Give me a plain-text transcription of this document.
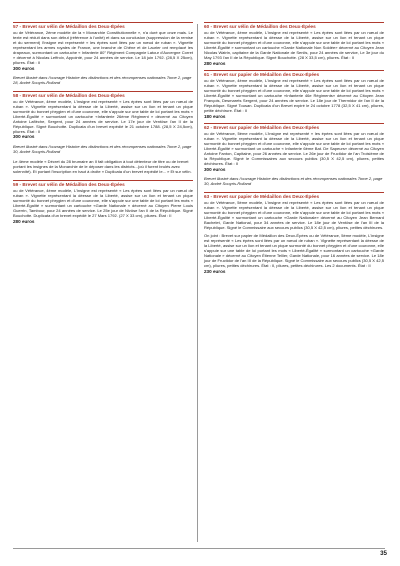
57 - Brevet sur vélin de Médaillon des Deux-Épées

ou de Vétérance, 2ème modèle de la « Monarchie Constitutionnelle », n'a duré que onze mais. Le texte est réduit dans son début (référence à l'unité) et dans sa conclusion (suppression de la remise et du serment) l'insigne est représenté « les épées sont liées par un nœud de ruban ». Vignette représentant les armes royales de France, une branche de Chêne et de Laurier ont remplacé les drapeaux, surmontant un cartouche « Infanterie 80° Régiment Compagnie Latour d'Auvergne Corret » décerné à Nicolas Leffroix, Appointé, pour 24 années de service. Le 18 juin 1792. (28,5 X 25cm), pliures. État : II

300 euros

Brevet illustré dans l'ouvrage Histoire des distinctions et des récompenses nationales Tome 2, page 28, André Souyris-Rolland

58 - Brevet sur vélin de Médaillon des Deux-Épées

ou de Vétérance, 4ème modèle, L'insigne est représenté « Les épées sont liées par un nœud de ruban ». Vignette représentant la déesse de la Liberté, assise sur un lion et tenant un pique surmonté du bonnet phrygien et d'une couronne, elle s'appuie sur une table de loi portant les mots « Liberté-Égalité » surmontant un cartouche «Infanterie 26ème Régiment » décerné au Citoyen Antoine Laflèche, Sergent, pour 24 années de service. Le 17e jour de Ventôse l'an II de la République. Signé Bouchotte. Duplicata d'un brevet expédié le 21 octobre 1788. (28,5 X 24,5cm), pliures. État : II

300 euros

Brevet illustré dans l'ouvrage Histoire des distinctions et des récompenses nationales Tome 2, page 30, André Souyris-Rolland

Le 4ème modèle « Décret du 28 brumaire an II fait obligation à tout détenteur de titre ou de brevet portant les insignes de la Monarchie de le déposer dans les districts...(où il furent brulés avec solennité). Et portant l'inscription en haut à droite » Duplicata d'un brevet expédié le... » Et sur vélin.

59 - Brevet sur vélin de Médaillon des Deux-Épées

ou de Vétérance, 4ème modèle, L'insigne est représenté « Les épées sont liées par un nœud de ruban ». Vignette représentant la déesse de la Liberté, assise sur un lion et tenant un pique surmonté du bonnet phrygien et d'une couronne, elle s'appuie sur une table de loi portant les mots « Liberté-Égalité » surmontant un cartouche «Garde Nationale » décerné au Citoyen Pierre Louis Guerrin, Tambour, pour 24 années de service. Le 25e jour de Nivôse l'an II de la République. Signé Bouchotte. Duplicata d'un brevet expédié le 27 Mars 1792. (27 X 33 cm), pliures. État : II

280 euros
60 - Brevet sur vélin de Médaillon des Deux-Épées

ou de Vétérance, 4ème modèle, L'insigne est représenté « Les épées sont liées par un nœud de ruban ». Vignette représentant la déesse de la Liberté, assise sur un lion et tenant un pique surmonté du bonnet phrygien et d'une couronne, elle s'appuie sur une table de loi portant les mots « Liberté-Égalité » surmontant un cartouche «Garde Nationale Non Soldée» décerné au Citoyen Jean Nicolas Watrin, capitaine de la Garde Nationale de Senlis, pour 24 années de service, Le 3e jour du May 1793 l'an II de la République. Signé Bouchotte. (28 X 33,5 cm), pliures. État : II

280 euros
61 - Brevet sur papier de Médaillon des Deux-Épées

ou de Vétérance, 4ème modèle, L'insigne est représenté « Les épées sont liées par un nœud de ruban ». Vignette représentant la déesse de la Liberté, assise sur un lion et tenant un pique surmonté du bonnet phrygien et d'une couronne, elle s'appuie sur une table de loi portant les mots « Liberté-Égalité » surmontant un cartouche «Infanterie 46e Régiments» décerné au Citoyen Jean François, Desmarets Sergent, pour 24 années de service. Le 18e jour de Thermidor de l'an II de la République. Signé Tousan. Duplicata d'un Brevet expiré le 24 octobre 1778 (32,5 X 41 cm), pliures, petite déchirure. État : II

180 euros
62 - Brevet sur papier de Médaillon des Deux-Épées

ou de Vétérance, 5ème modèle, L'insigne est représenté « les épées sont liées par un nœud de ruban ». Vignette représentant la déesse de la Liberté, assise sur un lion et tenant un pique surmonté du bonnet phrygien et d'une couronne, elle s'appuie sur une table de loi portant les mots « Liberté-Égalité » surmontant un cartouche « Infanterie 6ème Bat. De Sapeurs» décerné au Citoyen Antoine Fanton, Capitaine, pour 26 années de service. Le 26e jour de Fructidor de l'an Troisième de la République. Signé le Commissaires aux secours publics (30,5 X 42,5 cm), pliures, petites déchirures. État : II

300 euros

Brevet illustré dans l'ouvrage Histoire des distinctions et des récompenses nationales Tome 2, page 30, André Souyris-Rolland

63 - Brevet sur papier de Médaillon des Deux-Épées

ou de Vétérance, 5ème modèle, L'insigne est représenté « Les épées sont liées par un nœud de ruban ». Vignette représentant la déesse de la Liberté, assise sur un lion et tenant un pique surmonté du bonnet phrygien et d'une couronne, elle s'appuie sur une table de loi portant les mots « Liberté-Égalité » surmontant un cartouche «Garde Nationale» décerné au Citoyen Jean Bernard Bachelet, Garde National, pour 34 années de service. Le 18e jour de Ventôse de l'an III de la République. Signé le Commissaire aux secours publics (30,5 X 42,5 cm), pliures, petites déchirures.

On joint : Brevet sur papier de Médaillon des Deux-Épées ou de Vétérance, 5ème modèle, L'insigne est représenté « Les épées sont liées par un nœud de ruban ». Vignette représentant la déesse de la Liberté, assise sur un lion et tenant un pique surmonté du bonnet phrygien et d'une couronne, elle s'appuie sur une table de loi portant les mots « Liberté-Égalité » surmontant un cartouche «Garde Nationale » décerné au Citoyen Étienne Tellier, Garde Nationale, pour 16 années de service. Le 18e jour de Fructidor de l'an III de la République. Signé le Commissaire aux secours publics (30,5 X 42,5 cm), pliures, petites déchirures. État : II, pliures, petites déchirures. Les 2 documents. État : II

230 euros
35
